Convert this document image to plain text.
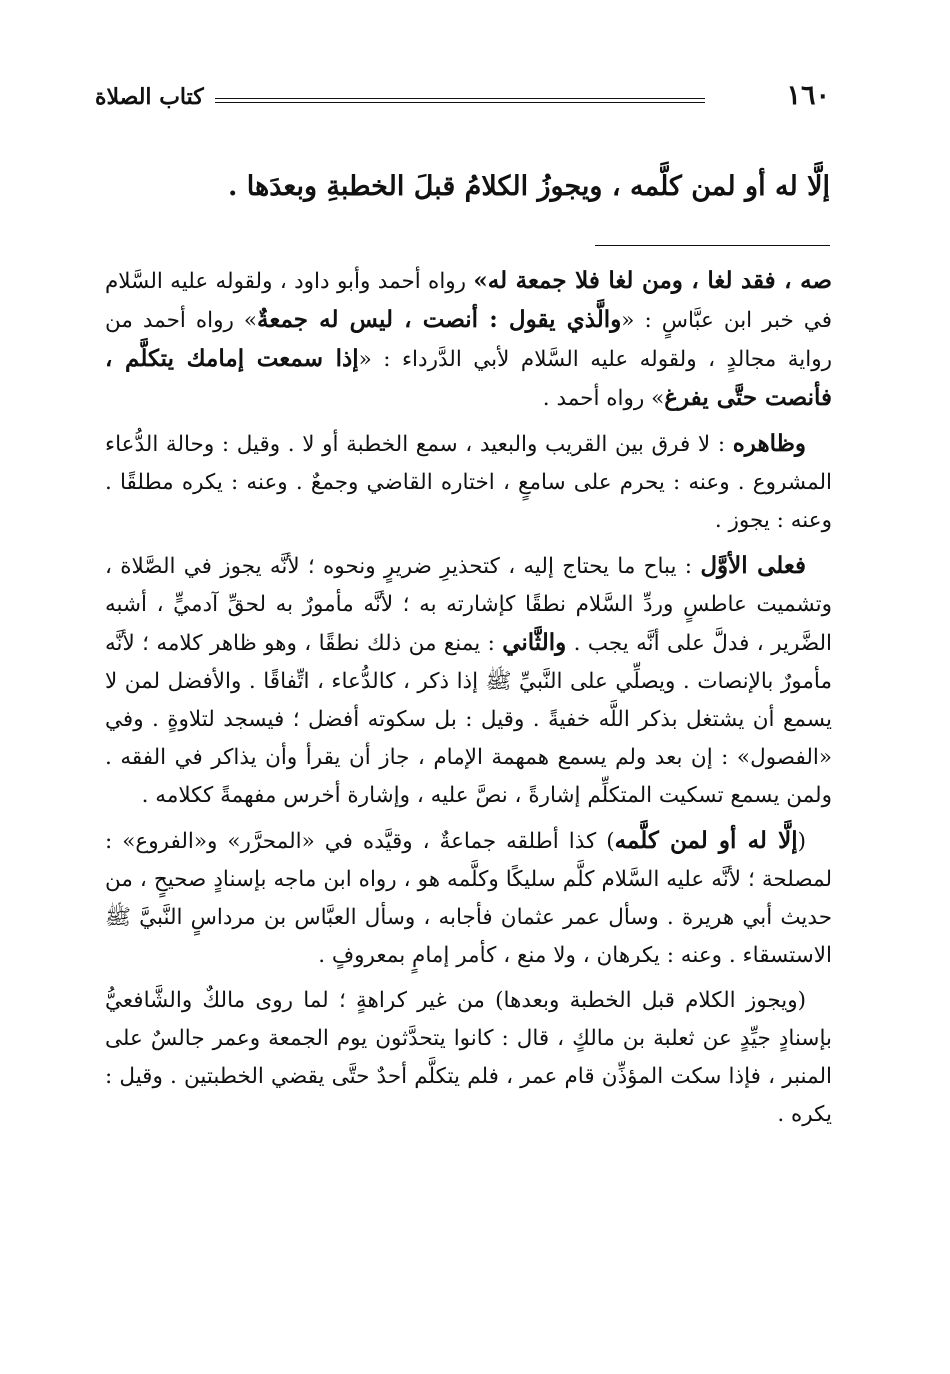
١٦٠
كتاب الصلاة
إلَّا له أو لمن كلَّمه ، ويجوزُ الكلامُ قبلَ الخطبةِ وبعدَها .

صه ، فقد لغا ، ومن لغا فلا جمعة له» رواه أحمد وأبو داود ، ولقوله عليه السَّلام في خبر ابن عبَّاسٍ : «والَّذي يقول : أنصت ، ليس له جمعةٌ» رواه أحمد من رواية مجالدٍ ، ولقوله عليه السَّلام لأبي الدَّرداء : «إذا سمعت إمامك يتكلَّم ، فأنصت حتَّى يفرغ» رواه أحمد .

وظاهره : لا فرق بين القريب والبعيد ، سمع الخطبة أو لا . وقيل : وحالة الدُّعاء المشروع . وعنه : يحرم على سامعٍ ، اختاره القاضي وجمعٌ . وعنه : يكره مطلقًا . وعنه : يجوز .

فعلى الأوَّل : يباح ما يحتاج إليه ، كتحذيرِ ضريرٍ ونحوه ؛ لأنَّه يجوز في الصَّلاة ، وتشميت عاطسٍ وردِّ السَّلام نطقًا كإشارته به ؛ لأنَّه مأمورٌ به لحقِّ آدميٍّ ، أشبه الضَّرير ، فدلَّ على أنَّه يجب . والثَّاني : يمنع من ذلك نطقًا ، وهو ظاهر كلامه ؛ لأنَّه مأمورٌ بالإنصات . ويصلِّي على النَّبيِّ ﷺ إذا ذكر ، كالدُّعاء ، اتِّفاقًا . والأفضل لمن لا يسمع أن يشتغل بذكر اللَّه خفيةً . وقيل : بل سكوته أفضل ؛ فيسجد لتلاوةٍ . وفي «الفصول» : إن بعد ولم يسمع همهمة الإمام ، جاز أن يقرأ وأن يذاكر في الفقه . ولمن يسمع تسكيت المتكلِّم إشارةً ، نصَّ عليه ، وإشارة أخرس مفهمةً ككلامه .

(إلَّا له أو لمن كلَّمه) كذا أطلقه جماعةٌ ، وقيَّده في «المحرَّر» و«الفروع» : لمصلحة ؛ لأنَّه عليه السَّلام كلَّم سليكًا وكلَّمه هو ، رواه ابن ماجه بإسنادٍ صحيحٍ ، من حديث أبي هريرة . وسأل عمر عثمان فأجابه ، وسأل العبَّاس بن مرداسٍ النَّبيَّ ﷺ الاستسقاء . وعنه : يكرهان ، ولا منع ، كأمر إمامٍ بمعروفٍ .

(ويجوز الكلام قبل الخطبة وبعدها) من غير كراهةٍ ؛ لما روى مالكٌ والشَّافعيُّ بإسنادٍ جيِّدٍ عن ثعلبة بن مالكٍ ، قال : كانوا يتحدَّثون يوم الجمعة وعمر جالسٌ على المنبر ، فإذا سكت المؤذِّن قام عمر ، فلم يتكلَّم أحدٌ حتَّى يقضي الخطبتين . وقيل : يكره .
